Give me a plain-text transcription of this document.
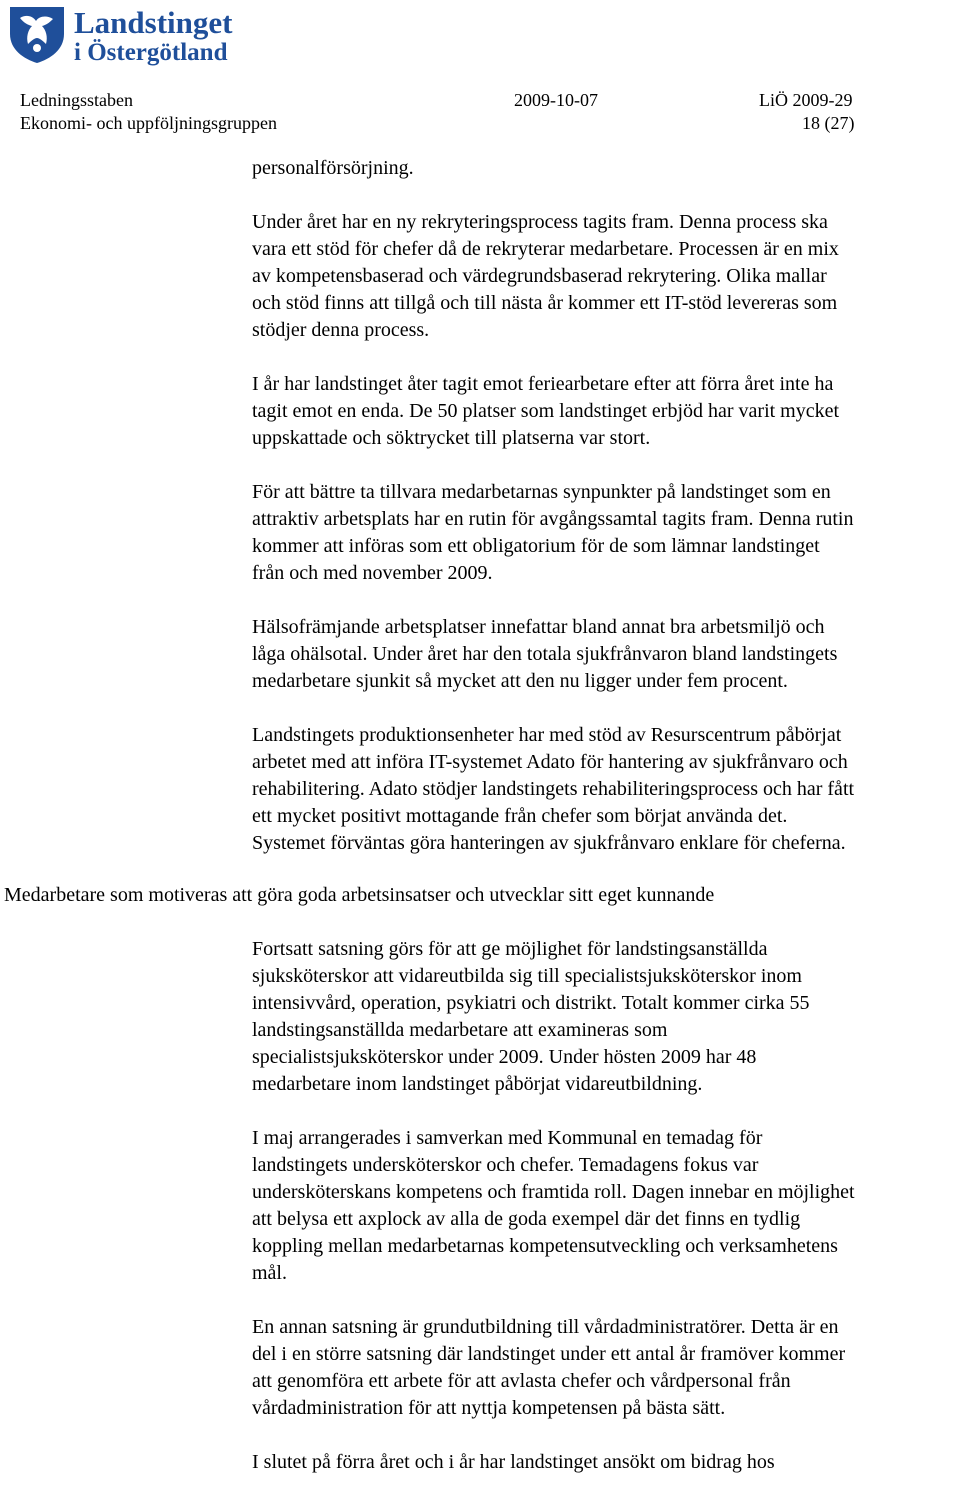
Landstinget
i Östergötland
Ledningsstaben	2009-10-07	LiÖ 2009-29
Ekonomi- och uppföljningsgruppen	18 (27)

personalförsörjning.

Under året har en ny rekryteringsprocess tagits fram. Denna process ska
vara ett stöd för chefer då de rekryterar medarbetare. Processen är en mix
av kompetensbaserad och värdegrundsbaserad rekrytering. Olika mallar
och stöd finns att tillgå och till nästa år kommer ett IT-stöd levereras som
stödjer denna process.

I år har landstinget åter tagit emot feriearbetare efter att förra året inte ha
tagit emot en enda. De 50 platser som landstinget erbjöd har varit mycket
uppskattade och söktrycket till platserna var stort.

För att bättre ta tillvara medarbetarnas synpunkter på landstinget som en
attraktiv arbetsplats har en rutin för avgångssamtal tagits fram. Denna rutin
kommer att införas som ett obligatorium för de som lämnar landstinget
från och med november 2009.

Hälsofrämjande arbetsplatser innefattar bland annat bra arbetsmiljö och
låga ohälsotal. Under året har den totala sjukfrånvaron bland landstingets
medarbetare sjunkit så mycket att den nu ligger under fem procent.

Landstingets produktionsenheter har med stöd av Resurscentrum påbörjat
arbetet med att införa IT-systemet Adato för hantering av sjukfrånvaro och
rehabilitering. Adato stödjer landstingets rehabiliteringsprocess och har fått
ett mycket positivt mottagande från chefer som börjat använda det.
Systemet förväntas göra hanteringen av sjukfrånvaro enklare för cheferna.

Medarbetare som motiveras att göra goda arbetsinsatser och utvecklar sitt eget kunnande

Fortsatt satsning görs för att ge möjlighet för landstingsanställda
sjuksköterskor att vidareutbilda sig till specialistsjuksköterskor inom
intensivvård, operation, psykiatri och distrikt. Totalt kommer cirka 55
landstingsanställda medarbetare att examineras som
specialistsjuksköterskor under 2009. Under hösten 2009 har 48
medarbetare inom landstinget påbörjat vidareutbildning.

I maj arrangerades i samverkan med Kommunal en temadag för
landstingets undersköterskor och chefer. Temadagens fokus var
undersköterskans kompetens och framtida roll. Dagen innebar en möjlighet
att belysa ett axplock av alla de goda exempel där det finns en tydlig
koppling mellan medarbetarnas kompetensutveckling och verksamhetens
mål.

En annan satsning är grundutbildning till vårdadministratörer. Detta är en
del i en större satsning där landstinget under ett antal år framöver kommer
att genomföra ett arbete för att avlasta chefer och vårdpersonal från
vårdadministration för att nyttja kompetensen på bästa sätt.

I slutet på förra året och i år har landstinget ansökt om bidrag hos
